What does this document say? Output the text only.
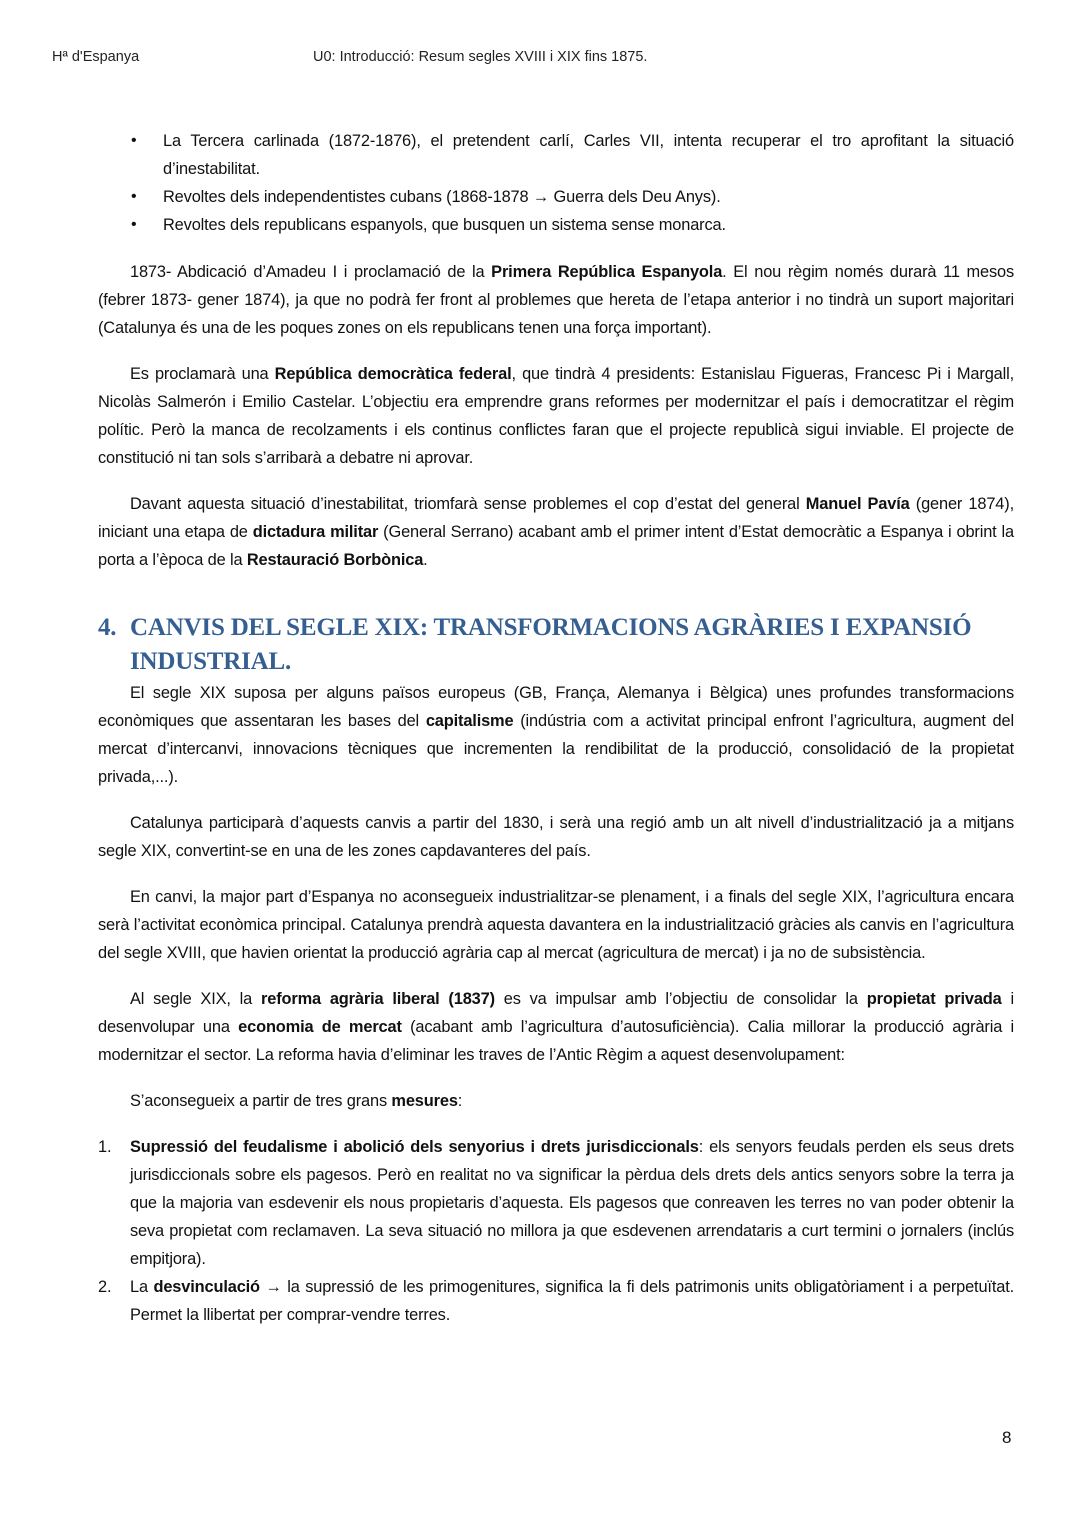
Hª d'Espanya	U0: Introducció: Resum segles XVIII i XIX fins 1875.
• La Tercera carlinada (1872-1876), el pretendent carlí, Carles VII, intenta recuperar el tro aprofitant la situació d’inestabilitat.
• Revoltes dels independentistes cubans (1868-1878 → Guerra dels Deu Anys).
• Revoltes dels republicans espanyols, que busquen un sistema sense monarca.

1873- Abdicació d’Amadeu I i proclamació de la Primera República Espanyola. El nou règim només durarà 11 mesos (febrer 1873- gener 1874), ja que no podrà fer front al problemes que hereta de l’etapa anterior i no tindrà un suport majoritari (Catalunya és una de les poques zones on els republicans tenen una força important).

Es proclamarà una República democràtica federal, que tindrà 4 presidents: Estanislau Figueras, Francesc Pi i Margall, Nicolàs Salmerón i Emilio Castelar. L’objectiu era emprendre grans reformes per modernitzar el país i democratitzar el règim polític. Però la manca de recolzaments i els continus conflictes faran que el projecte republicà sigui inviable. El projecte de constitució ni tan sols s’arribarà a debatre ni aprovar.

Davant aquesta situació d’inestabilitat, triomfarà sense problemes el cop d’estat del general Manuel Pavía (gener 1874), iniciant una etapa de dictadura militar (General Serrano) acabant amb el primer intent d’Estat democràtic a Espanya i obrint la porta a l’època de la Restauració Borbònica.

4. CANVIS DEL SEGLE XIX: TRANSFORMACIONS AGRÀRIES I EXPANSIÓ INDUSTRIAL.

El segle XIX suposa per alguns països europeus (GB, França, Alemanya i Bèlgica) unes profundes transformacions econòmiques que assentaran les bases del capitalisme (indústria com a activitat principal enfront l’agricultura, augment del mercat d’intercanvi, innovacions tècniques que incrementen la rendibilitat de la producció, consolidació de la propietat privada,...).

Catalunya participarà d’aquests canvis a partir del 1830, i serà una regió amb un alt nivell d’industrialització ja a mitjans segle XIX, convertint-se en una de les zones capdavanteres del país.

En canvi, la major part d’Espanya no aconsegueix industrialitzar-se plenament, i a finals del segle XIX, l’agricultura encara serà l’activitat econòmica principal. Catalunya prendrà aquesta davantera en la industrialització gràcies als canvis en l’agricultura del segle XVIII, que havien orientat la producció agrària cap al mercat (agricultura de mercat) i ja no de subsistència.

Al segle XIX, la reforma agrària liberal (1837) es va impulsar amb l’objectiu de consolidar la propietat privada i desenvolupar una economia de mercat (acabant amb l’agricultura d’autosuficiència). Calia millorar la producció agrària i modernitzar el sector. La reforma havia d’eliminar les traves de l’Antic Règim a aquest desenvolupament:

S’aconsegueix a partir de tres grans mesures:

1. Supressió del feudalisme i abolició dels senyorius i drets jurisdiccionals: els senyors feudals perden els seus drets jurisdiccionals sobre els pagesos. Però en realitat no va significar la pèrdua dels drets dels antics senyors sobre la terra ja que la majoria van esdevenir els nous propietaris d’aquesta. Els pagesos que conreaven les terres no van poder obtenir la seva propietat com reclamaven. La seva situació no millora ja que esdevenen arrendataris a curt termini o jornalers (inclús empitjora).
2. La desvinculació → la supressió de les primogenitures, significa la fi dels patrimonis units obligatòriament i a perpetuïtat. Permet la llibertat per comprar-vendre terres.
8
